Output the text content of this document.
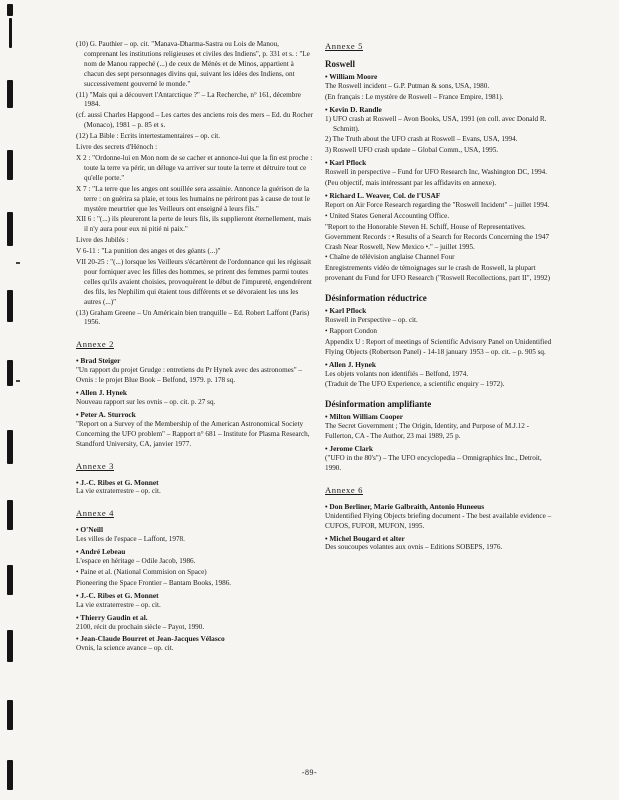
(10) G. Pauthier – op. cit. "Manava-Dharma-Sastra ou Lois de Manou, comprenant les institutions religieuses et civiles des Indiens", p. 331 et s. : "Le nom de Manou rappeché (...) de ceux de Ménès et de Minos, appartient à chacun des sept personnages divins qui, suivant les idées des Indiens, ont successivement gouverné le monde."

(11) "Mais qui a découvert l'Antarctique ?" – La Recherche, n° 161, décembre 1984.

(cf. aussi Charles Hapgood – Les cartes des anciens rois des mers – Ed. du Rocher (Monaco), 1981 – p. 85 et s.

(12) La Bible : Ecrits intertestamentaires – op. cit.

Livre des secrets d'Hénoch :

X 2 : "Ordonne-lui en Mon nom de se cacher et annonce-lui que la fin est proche : toute la terre va périr, un déluge va arriver sur toute la terre et détruire tout ce qu'elle porte."

X 7 : "La terre que les anges ont souillée sera assainie. Annonce la guérison de la terre : on guérira sa plaie, et tous les humains ne périront pas à cause de tout le mystère meurtrier que les Veilleurs ont enseigné à leurs fils."

XII 6 : "(...) ils pleureront la perte de leurs fils, ils supplieront éternellement, mais il n'y aura pour eux ni pitié ni paix."

Livre des Jubilés :

V 6-11 : "La punition des anges et des géants (...)"

VII 20-25 : "(...) lorsque les Veilleurs s'écartèrent de l'ordonnance qui les régissait pour forniquer avec les filles des hommes, se prirent des femmes parmi toutes celles qu'ils avaient choisies, provoquèrent le début de l'impureté, engendrèrent des fils, les Nephilim qui étaient tous différents et se dévoraient les uns les autres (...)"

(13) Graham Greene – Un Américain bien tranquille – Ed. Robert Laffont (Paris) 1956.

Annexe 2
• Brad Steiger

"Un rapport du projet Grudge : entretiens du Pr Hynek avec des astronomes" – Ovnis : le projet Blue Book – Belfond, 1979. p. 178 sq.

• Allen J. Hynek

Nouveau rapport sur les ovnis – op. cit. p. 27 sq.

• Peter A. Sturrock

"Report on a Survey of the Membership of the American Astronomical Society Concerning the UFO problem" – Rapport n° 681 – Institute for Plasma Research, Standford University, CA, janvier 1977.

Annexe 3
• J.-C. Ribes et G. Monnet

La vie extraterrestre – op. cit.

Annexe 4
• O'Neill

Les villes de l'espace – Laffont, 1978.

• André Lebeau

L'espace en héritage – Odile Jacob, 1986.

• Paine et al. (National Commision on Space)

Pioneering the Space Frontier – Bantam Books, 1986.

• J.-C. Ribes et G. Monnet

La vie extraterrestre – op. cit.

• Thierry Gaudin et al.

2100, récit du prochain siècle – Payot, 1990.

• Jean-Claude Bourret et Jean-Jacques Vélasco

Ovnis, la science avance – op. cit.

Annexe 5
Roswell
• William Moore

The Roswell incident – G.P. Putman & sons, USA, 1980.

(En français : Le mystère de Roswell – France Empire, 1981).

• Kevin D. Randle

1) UFO crash at Roswell – Avon Books, USA, 1991 (en coll. avec Donald R. Schmitt).

2) The Truth about the UFO crash at Roswell – Evans, USA, 1994.

3) Roswell UFO crash update – Global Comm., USA, 1995.

• Karl Pflock

Roswell in perspective – Fund for UFO Research Inc, Washington DC, 1994.

(Peu objectif, mais intéressant par les affidavits en annexe).

• Richard L. Weaver, Col. de l'USAF

Report on Air Force Research regarding the "Roswell Incident" – juillet 1994.

• United States General Accounting Office.

"Report to the Honorable Steven H. Schiff, House of Representatives. Government Records : • Results of a Search for Records Concerning the 1947 Crash Near Roswell, New Mexico •." – juillet 1995.

• Chaîne de télévision anglaise Channel Four

Enregistrements vidéo de témoignages sur le crash de Roswell, la plupart provenant du Fund for UFO Research ("Roswell Recollections, part II", 1992)

Désinformation réductrice
• Karl Pflock

Roswell in Perspective – op. cit.

• Rapport Condon

Appendix U : Report of meetings of Scientific Advisory Panel on Unidentified Flying Objects (Robertson Panel) - 14-18 january 1953 – op. cit. – p. 905 sq.

• Allen J. Hynek

Les objets volants non identifiés – Belfond, 1974.

(Traduit de The UFO Experience, a scientific enquiry – 1972).

Désinformation amplifiante
• Milton William Cooper

The Secret Government ; The Origin, Identity, and Purpose of M.J.12 - Fullerton, CA - The Author, 23 mai 1989, 25 p.

• Jerome Clark

("UFO in the 80's") – The UFO encyclopedia – Omnigraphics Inc., Detroit, 1990.

Annexe 6
• Don Berliner, Marie Galbraith, Antonio Huneeus

Unidentified Flying Objects briefing document - The best available evidence – CUFOS, FUFOR, MUFON, 1995.

• Michel Bougard et alter

Des soucoupes volantes aux ovnis – Editions SOBEPS, 1976.

-89-
